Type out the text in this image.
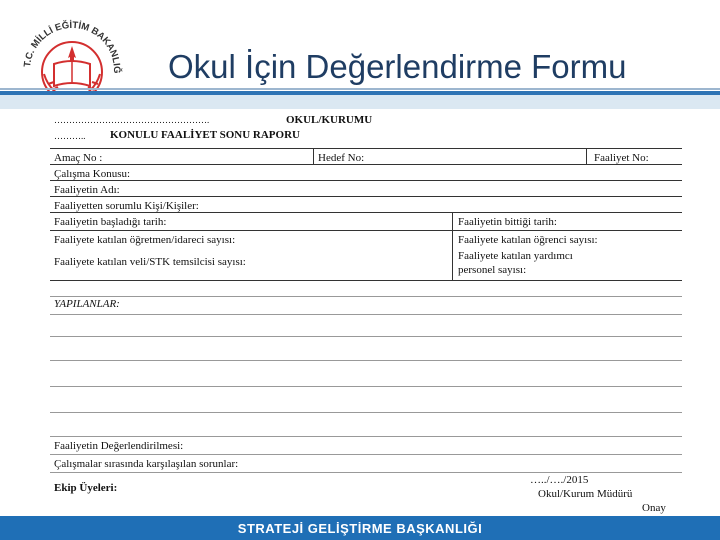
T.C. MİLLİ EĞİTİM BAKANLIĞ Okul İçin Değerlendirme Formu
…………………………………………….	OKUL/KURUMU
……….. KONULU FAALİYET SONU RAPORU
Amaç No :	Hedef No:	Faaliyet No:
Çalışma Konusu:
Faaliyetin Adı:
Faaliyetten sorumlu Kişi/Kişiler:
Faaliyetin başladığı tarih:	Faaliyetin bittiği tarih:
Faaliyete katılan öğretmen/idareci sayısı:	Faaliyete katılan öğrenci sayısı:
Faaliyete katılan veli/STK temsilcisi sayısı:	Faaliyete katılan yardımcı
personel sayısı:
YAPILANLAR:
Faaliyetin Değerlendirilmesi:
Çalışmalar sırasında karşılaşılan sorunlar:
Ekip Üyeleri:
…../…./2015
Okul/Kurum Müdürü
Onay
STRATEJİ GELİŞTİRME BAŞKANLIĞI
